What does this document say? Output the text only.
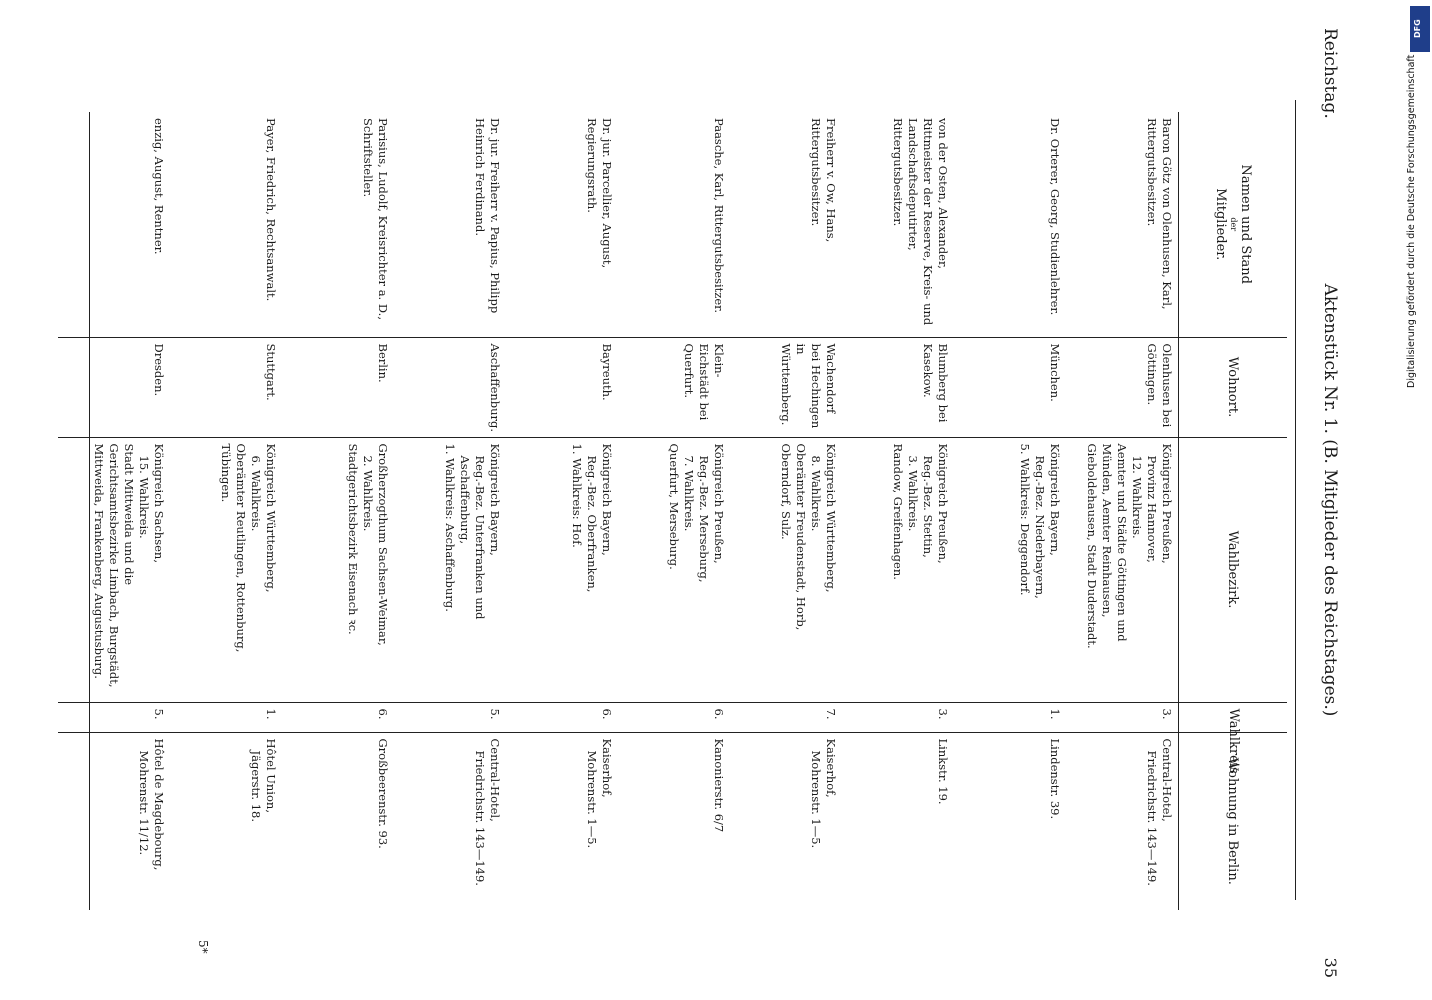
Reichstag.
Aktenstück Nr. 1. (B. Mitglieder des Reichstages.)
35
Namen und Stand
der
Mitglieder.	Wohnort.	Wahlbezirk.	Wahlkreis	Wohnung in Berlin.
Baron Götz von Olenhusen, Karl, Rittergutsbesitzer.	Olenhusen bei Göttingen.	Königreich Preußen,
Provinz Hannover,
12. Wahlkreis.
Aemter und Städte Göttingen und Münden, Aemter Reinhausen, Gieboldehausen, Stadt Duderstadt.	3.	Central-Hotel,
Friedrichstr. 143—149.

Dr. Orterer, Georg, Studienlehrer.	München.	Königreich Bayern,
Reg.-Bez. Niederbayern,
5. Wahlkreis: Deggendorf.	1.	Lindenstr. 39.

von der Osten, Alexander, Rittmeister der Reserve, Kreis- und Landschaftsdeputirter, Rittergutsbesitzer.	Blumberg bei Kasekow.	Königreich Preußen,
Reg.-Bez. Stettin,
3. Wahlkreis.
Randow, Greifenhagen.	3.	Linkstr. 19.

Freiherr v. Ow, Hans, Rittergutsbesitzer.	Wachendorf bei Hechingen in Württemberg.	Königreich Württemberg,
8. Wahlkreis.
Oberämter Freudenstadt, Horb, Oberndorf, Sulz.	7.	Kaiserhof,
Mohrenstr. 1—5.

Paasche, Karl, Rittergutsbesitzer.	Klein-Eichstädt bei Querfurt.	Königreich Preußen,
Reg.-Bez. Merseburg,
7. Wahlkreis.
Querfurt, Merseburg.	6.	Kanonierstr. 6/7

Dr. jur. Parcellier, August, Regierungsrath.	Bayreuth.	Königreich Bayern,
Reg.-Bez. Oberfranken,
1. Wahlkreis: Hof.	6.	Kaiserhof,
Mohrenstr. 1—5.

Dr. jur. Freiherr v. Papius, Philipp Heinrich Ferdinand.	Aschaffenburg.	Königreich Bayern,
Reg.-Bez. Unterfranken und Aschaffenburg,
1. Wahlkreis: Aschaffenburg.	5.	Central-Hotel,
Friedrichstr. 143—149.

Parisius, Ludolf, Kreisrichter a. D., Schriftsteller.	Berlin.	Großherzogthum Sachsen-Weimar,
2. Wahlkreis.
Stadtgerichtsbezirk Eisenach ꝛc.	6.	Großbeerenstr. 93.

Payer, Friedrich, Rechtsanwalt.	Stuttgart.	Königreich Württemberg,
6. Wahlkreis.
Oberämter Reutlingen, Rottenburg, Tübingen.	1.	Hôtel Union,
Jägerstr. 18.

enzig, August, Rentner.	Dresden.	Königreich Sachsen,
15. Wahlkreis.
Stadt Mittweida und die Gerichtsamtsbezirke Limbach, Burgstädt, Mittweida, Frankenberg, Augustusburg.	5.	Hôtel de Magdebourg,
Mohrenstr. 11/12.
5*
DFG
Digitalisierung gefördert durch die Deutsche Forschungsgemeinschaft
